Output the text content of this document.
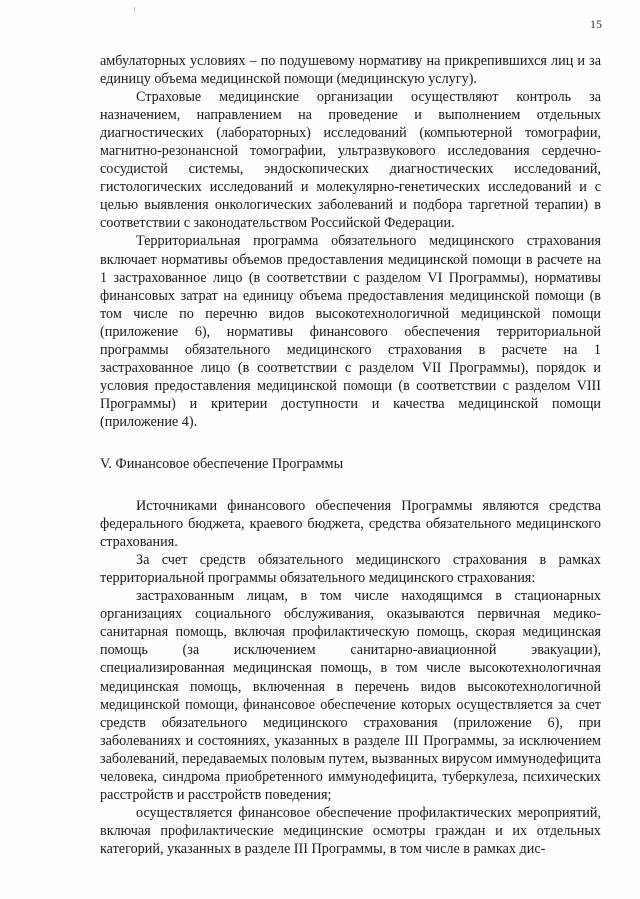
15

амбулаторных условиях – по подушевому нормативу на прикрепившихся лиц и за единицу объема медицинской помощи (медицинскую услугу).

Страховые медицинские организации осуществляют контроль за назначением, направлением на проведение и выполнением отдельных диагностических (лабораторных) исследований (компьютерной томографии, магнитно-резонансной томографии, ультразвукового исследования сердечно-сосудистой системы, эндоскопических диагностических исследований, гистологических исследований и молекулярно-генетических исследований и с целью выявления онкологических заболеваний и подбора таргетной терапии) в соответствии с законодательством Российской Федерации.

Территориальная программа обязательного медицинского страхования включает нормативы объемов предоставления медицинской помощи в расчете на 1 застрахованное лицо (в соответствии с разделом VI Программы), нормативы финансовых затрат на единицу объема предоставления медицинской помощи (в том числе по перечню видов высокотехнологичной медицинской помощи (приложение 6), нормативы финансового обеспечения территориальной программы обязательного медицинского страхования в расчете на 1 застрахованное лицо (в соответствии с разделом VII Программы), порядок и условия предоставления медицинской помощи (в соответствии с разделом VIII Программы) и критерии доступности и качества медицинской помощи (приложение 4).

V. Финансовое обеспечение Программы

Источниками финансового обеспечения Программы являются средства федерального бюджета, краевого бюджета, средства обязательного медицинского страхования.

За счет средств обязательного медицинского страхования в рамках территориальной программы обязательного медицинского страхования:

застрахованным лицам, в том числе находящимся в стационарных организациях социального обслуживания, оказываются первичная медико-санитарная помощь, включая профилактическую помощь, скорая медицинская помощь (за исключением санитарно-авиационной эвакуации), специализированная медицинская помощь, в том числе высокотехнологичная медицинская помощь, включенная в перечень видов высокотехнологичной медицинской помощи, финансовое обеспечение которых осуществляется за счет средств обязательного медицинского страхования (приложение 6), при заболеваниях и состояниях, указанных в разделе III Программы, за исключением заболеваний, передаваемых половым путем, вызванных вирусом иммунодефицита человека, синдрома приобретенного иммунодефицита, туберкулеза, психических расстройств и расстройств поведения;

осуществляется финансовое обеспечение профилактических мероприятий, включая профилактические медицинские осмотры граждан и их отдельных категорий, указанных в разделе III Программы, в том числе в рамках дис-
